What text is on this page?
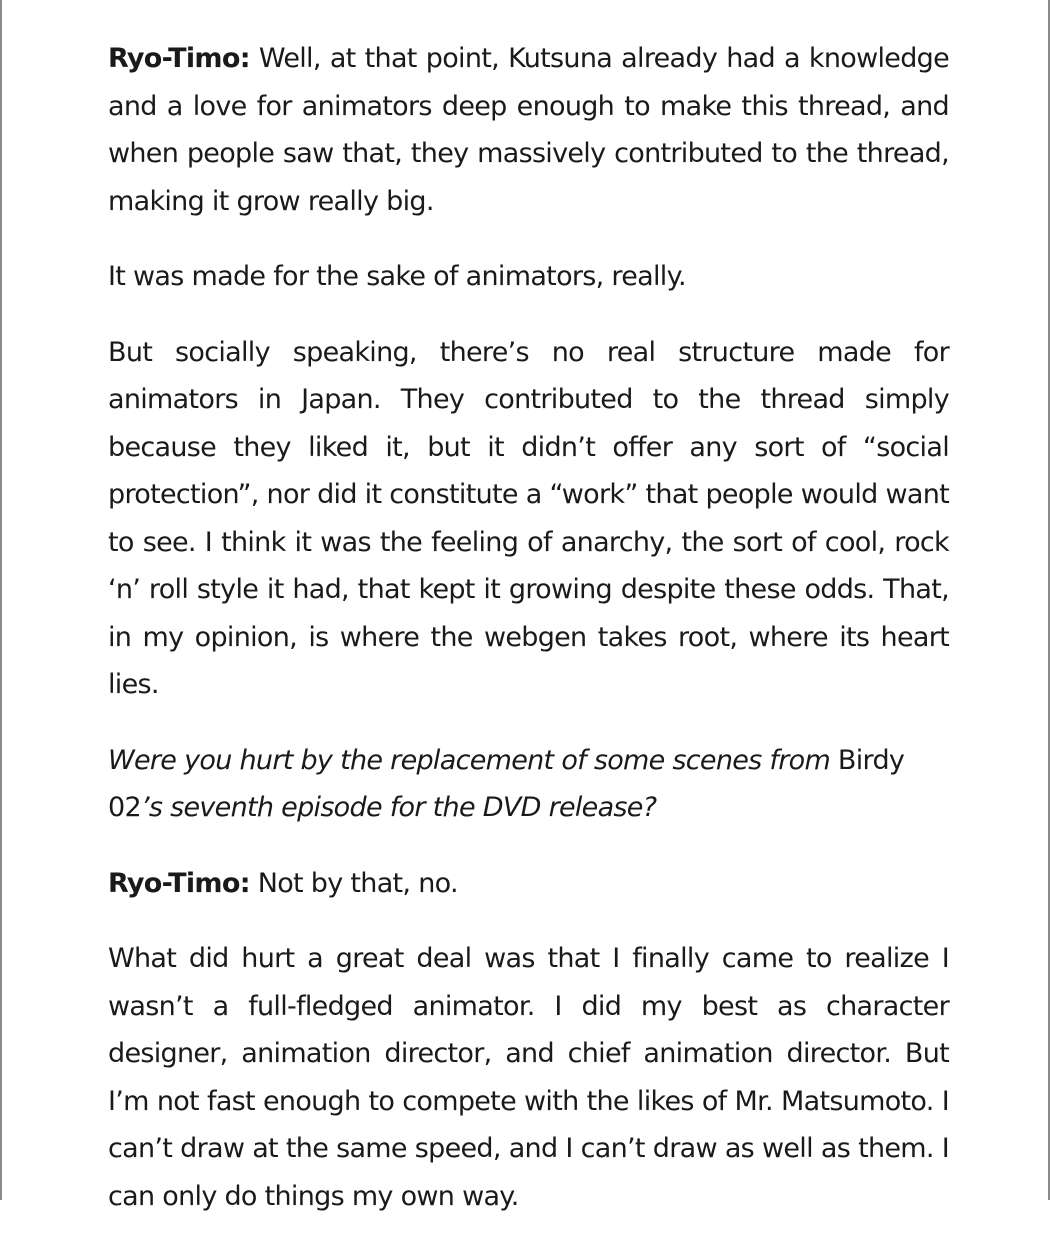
Ryo-Timo: Well, at that point, Kutsuna already had a knowledge and a love for animators deep enough to make this thread, and when people saw that, they massively contributed to the thread, making it grow really big.

It was made for the sake of animators, really.

But socially speaking, there’s no real structure made for animators in Japan. They contributed to the thread simply because they liked it, but it didn’t offer any sort of “social protection”, nor did it constitute a “work” that people would want to see. I think it was the feeling of anarchy, the sort of cool, rock ‘n’ roll style it had, that kept it growing despite these odds. That, in my opinion, is where the webgen takes root, where its heart lies.

Were you hurt by the replacement of some scenes from Birdy 02’s seventh episode for the DVD release?

Ryo-Timo: Not by that, no.

What did hurt a great deal was that I finally came to realize I wasn’t a full-fledged animator. I did my best as character designer, animation director, and chief animation director. But I’m not fast enough to compete with the likes of Mr. Matsumoto. I can’t draw at the same speed, and I can’t draw as well as them. I can only do things my own way.
